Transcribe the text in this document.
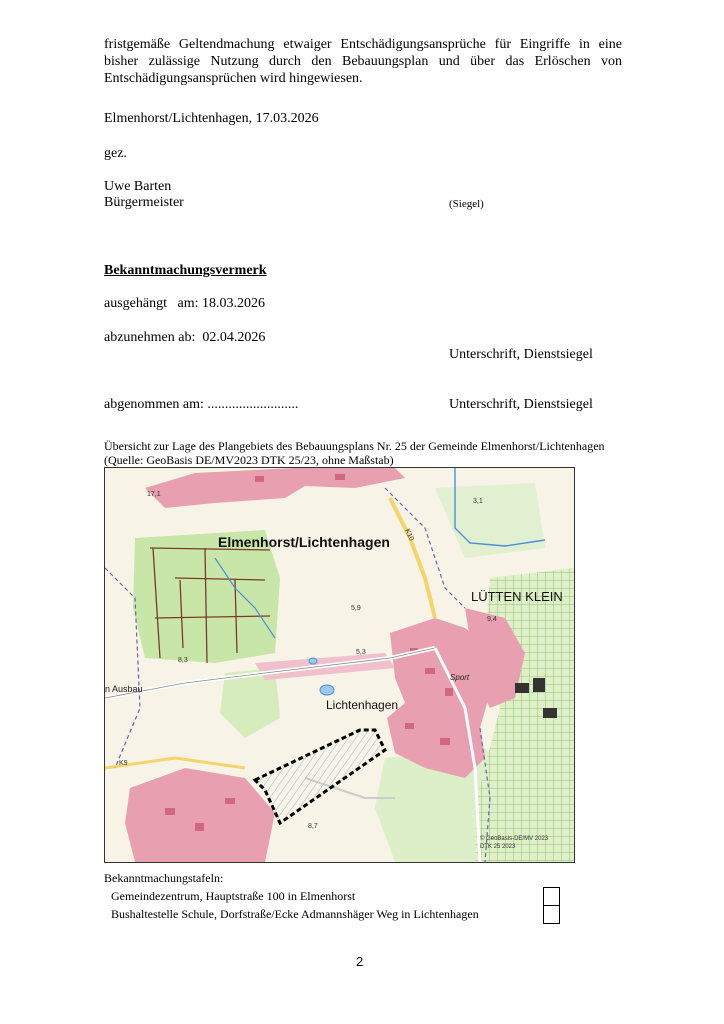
fristgemäße Geltendmachung etwaiger Entschädigungsansprüche für Eingriffe in eine bisher zulässige Nutzung durch den Bebauungsplan und über das Erlöschen von Entschädigungsansprüchen wird hingewiesen.
Elmenhorst/Lichtenhagen, 17.03.2026
gez.
Uwe Barten
Bürgermeister	(Siegel)
Bekanntmachungsvermerk
ausgehängt   am: 18.03.2026
abzunehmen ab:  02.04.2026
Unterschrift, Dienstsiegel
abgenommen am: ..........................	Unterschrift, Dienstsiegel
Übersicht zur Lage des Plangebiets des Bebauungsplans Nr. 25 der Gemeinde Elmenhorst/Lichtenhagen
(Quelle: GeoBasis DE/MV2023 DTK 25/23, ohne Maßstab)
Elmenhorst/Lichtenhagen
LÜTTEN KLEIN
Lichtenhagen
n Ausbau
Sport
17,1
3,1
5,9
8,3
5,3
9,4
8,7
K10
K9
© GeoBasis-DE/MV 2023
DTK 25 2023
Bekanntmachungstafeln:
Gemeindezentrum, Hauptstraße 100 in Elmenhorst
Bushaltestelle Schule, Dorfstraße/Ecke Admannshäger Weg in Lichtenhagen
2
